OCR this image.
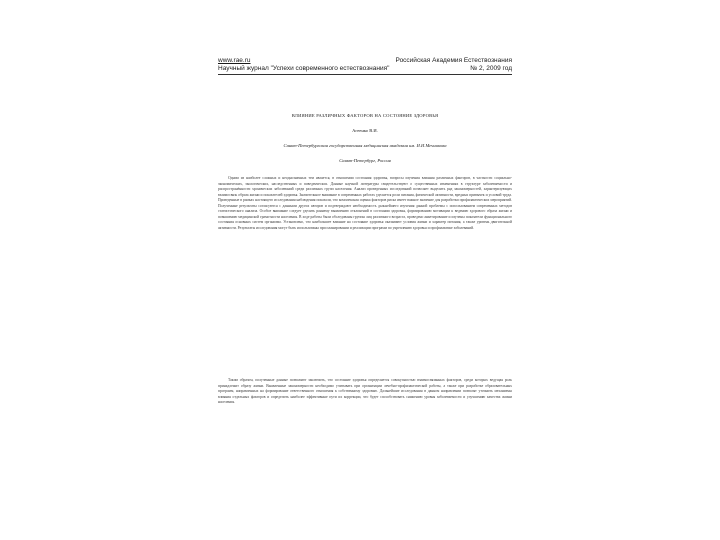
www.rae.ru
Научный журнал "Успехи современного естествознания"
Российская Академия Естествознания
№ 2, 2009 год
ВЛИЯНИЕ РАЗЛИЧНЫХ ФАКТОРОВ НА СОСТОЯНИЕ ЗДОРОВЬЯ
Агеенко В.И.
Санкт-Петербургская государственная медицинская академия им. И.И.Мечникова
Санкт-Петербург, Россия
Одним из наиболее сложных и неоднозначных тем является, в отношении состояния здоровья, вопросы изучения влияния различных факторов, в частности социально-экономических, экологических, наследственных и поведенческих. Данные научной литературы свидетельствуют о существенных изменениях в структуре заболеваемости и распространённости хронических заболеваний среди различных групп населения. Анализ проведенных исследований позволяет выделить ряд закономерностей, характеризующих взаимосвязь образа жизни и показателей здоровья. Значительное внимание в современных работах уделяется роли питания, физической активности, вредных привычек и условий труда. Проведенные в рамках настоящего исследования наблюдения показали, что комплексная оценка факторов риска имеет важное значение для разработки профилактических мероприятий. Полученные результаты согласуются с данными других авторов и подтверждают необходимость дальнейшего изучения данной проблемы с использованием современных методов статистического анализа. Особое внимание следует уделять раннему выявлению отклонений в состоянии здоровья, формированию мотивации к ведению здорового образа жизни и повышению медицинской грамотности населения. В ходе работы были обследованы группы лиц различного возраста, проведено анкетирование и изучены показатели функционального состояния основных систем организма. Установлено, что наибольшее влияние на состояние здоровья оказывают условия жизни и характер питания, а также уровень двигательной активности. Результаты исследования могут быть использованы при планировании и реализации программ по укреплению здоровья и профилактике заболеваний.
Таким образом, полученные данные позволяют заключить, что состояние здоровья определяется совокупностью взаимосвязанных факторов, среди которых ведущая роль принадлежит образу жизни. Выявленные закономерности необходимо учитывать при организации лечебно-профилактической работы, а также при разработке образовательных программ, направленных на формирование ответственного отношения к собственному здоровью. Дальнейшие исследования в данном направлении позволят уточнить механизмы влияния отдельных факторов и определить наиболее эффективные пути их коррекции, что будет способствовать снижению уровня заболеваемости и улучшению качества жизни населения.
